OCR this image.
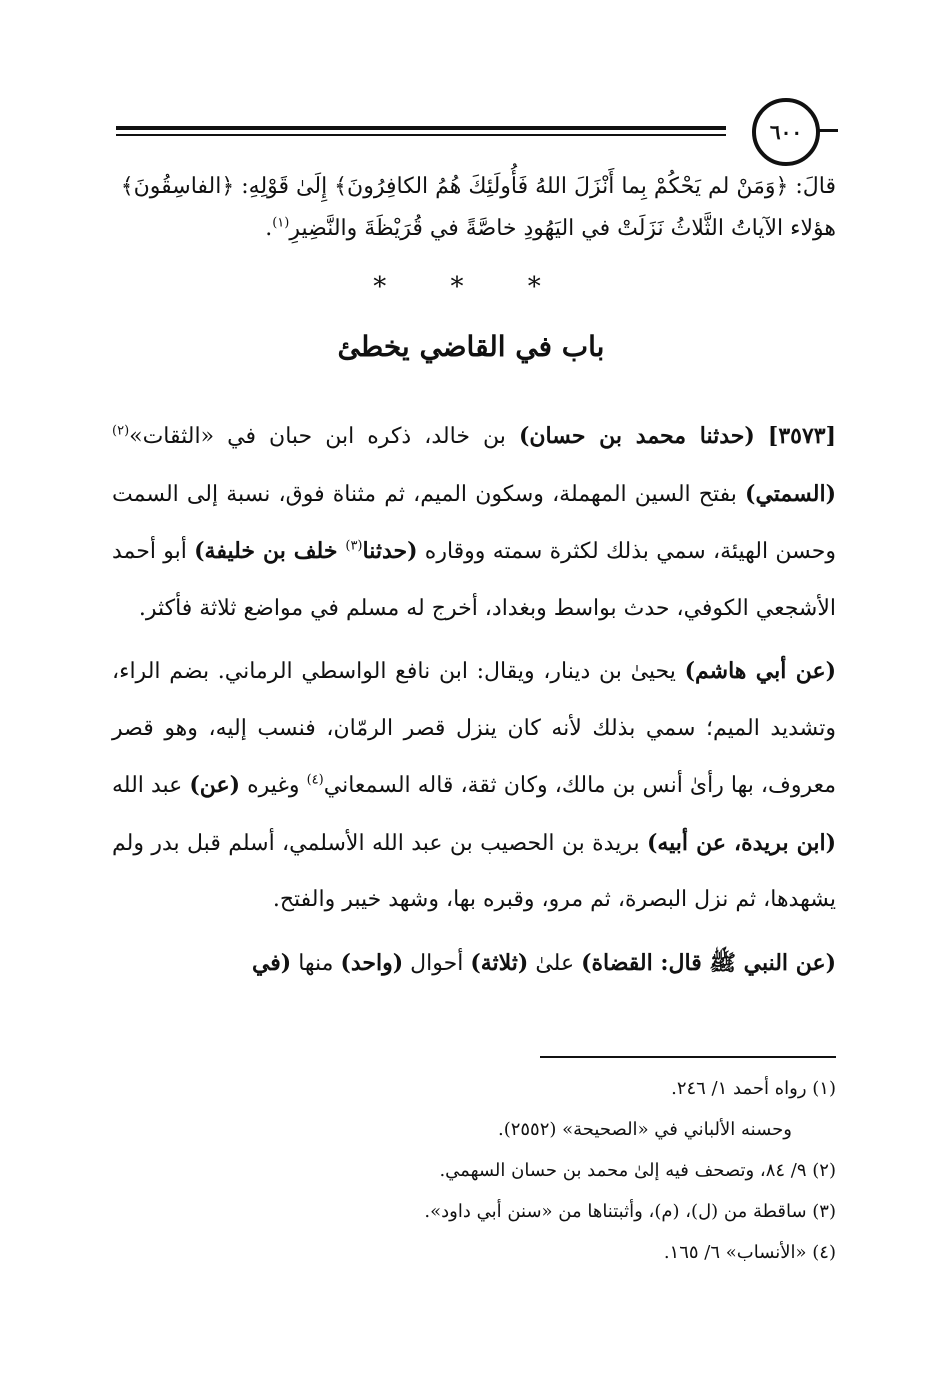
٦٠٠
قالَ: ﴿وَمَنْ لم يَحْكُمْ بِما أَنْزَلَ اللهُ فَأُولَئِكَ هُمُ الكافِرُونَ﴾ إِلَىٰ قَوْلِهِ: ﴿الفاسِقُونَ﴾
هؤلاء الآياتُ الثَّلاثُ نَزَلَتْ في اليَهُودِ خاصَّةً في قُرَيْظَةَ والنَّضِيرِ$^{(١)}$.
* * *
باب في القاضي يخطئ

[٣٥٧٣] (حدثنا محمد بن حسان) بن خالد، ذكره ابن حبان في «الثقات»$^{(٢)}$ (السمتي) بفتح السين المهملة، وسكون الميم، ثم مثناة فوق، نسبة إلى السمت وحسن الهيئة، سمي بذلك لكثرة سمته ووقاره (حدثنا$^{(٣)}$ خلف بن خليفة) أبو أحمد الأشجعي الكوفي، حدث بواسط وبغداد، أخرج له مسلم في مواضع ثلاثة فأكثر.

(عن أبي هاشم) يحيىٰ بن دينار، ويقال: ابن نافع الواسطي الرماني. بضم الراء، وتشديد الميم؛ سمي بذلك لأنه كان ينزل قصر الرمّان، فنسب إليه، وهو قصر معروف، بها رأىٰ أنس بن مالك، وكان ثقة، قاله السمعاني$^{(٤)}$ وغيره (عن) عبد الله (ابن بريدة، عن أبيه) بريدة بن الحصيب بن عبد الله الأسلمي، أسلم قبل بدر ولم يشهدها، ثم نزل البصرة، ثم مرو، وقبره بها، وشهد خيبر والفتح.

(عن النبي ﷺ قال: القضاة) علىٰ (ثلاثة) أحوال (واحد) منها (في

(١) رواه أحمد ١/ ٢٤٦.
وحسنه الألباني في «الصحيحة» (٢٥٥٢).
(٢) ٩/ ٨٤، وتصحف فيه إلىٰ محمد بن حسان السهمي.
(٣) ساقطة من (ل)، (م)، وأثبتناها من «سنن أبي داود».
(٤) «الأنساب» ٦/ ١٦٥.
